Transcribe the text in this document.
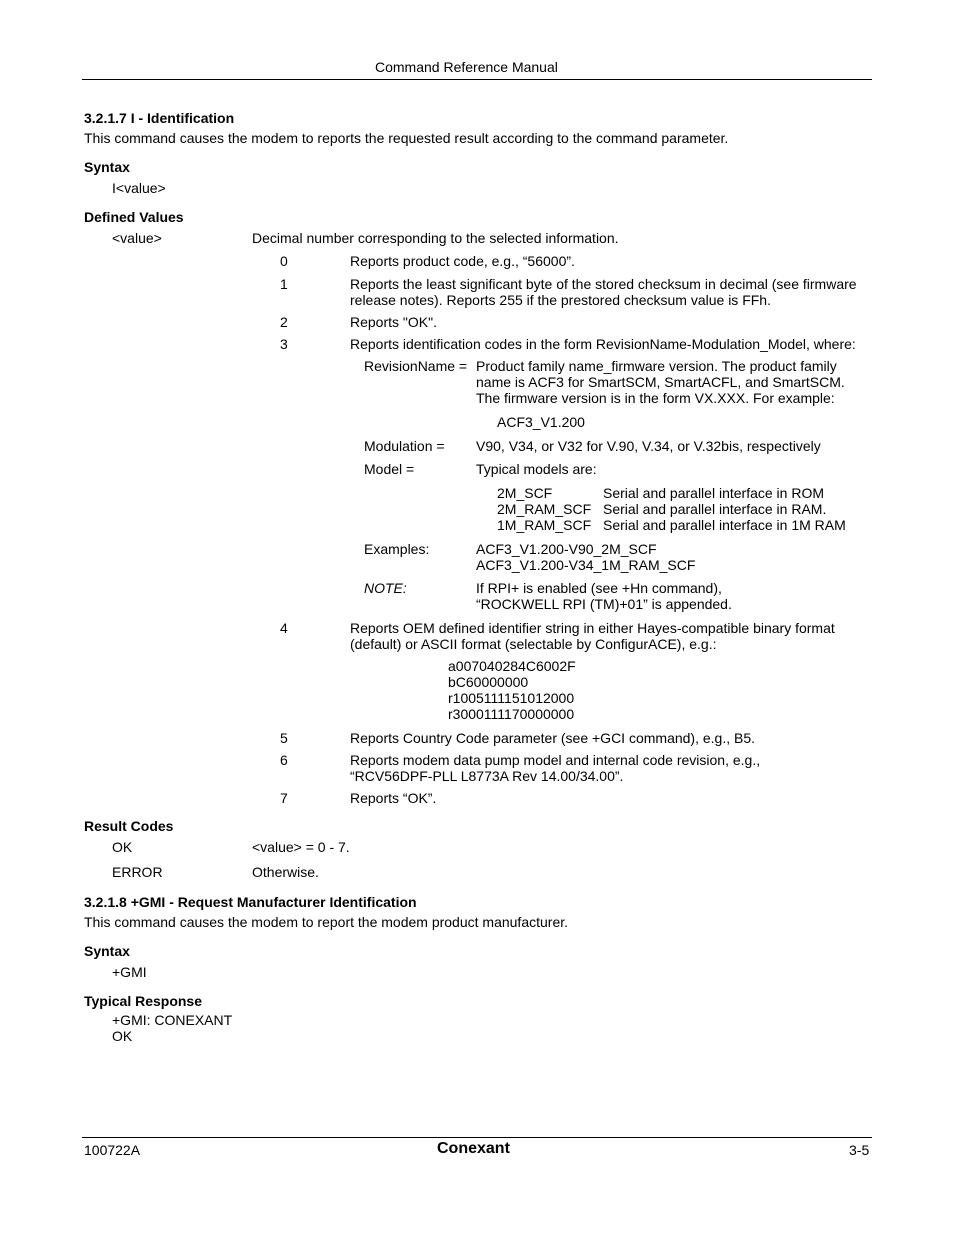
Command Reference Manual
3.2.1.7 I - Identification
This command causes the modem to reports the requested result according to the command parameter.
Syntax
I<value>
Defined Values
<value>	Decimal number corresponding to the selected information.
0	Reports product code, e.g., “56000”.
1	Reports the least significant byte of the stored checksum in decimal (see firmware
release notes). Reports 255 if the prestored checksum value is FFh.
2	Reports "OK".
3	Reports identification codes in the form RevisionName-Modulation_Model, where:
RevisionName = Product family name_firmware version. The product family
name is ACF3 for SmartSCM, SmartACFL, and SmartSCM.
The firmware version is in the form VX.XXX. For example:
ACF3_V1.200
Modulation = V90, V34, or V32 for V.90, V.34, or V.32bis, respectively
Model =	Typical models are:
2M_SCF	Serial and parallel interface in ROM
2M_RAM_SCF Serial and parallel interface in RAM.
1M_RAM_SCF Serial and parallel interface in 1M RAM
Examples:	ACF3_V1.200-V90_2M_SCF
ACF3_V1.200-V34_1M_RAM_SCF
NOTE:	If RPI+ is enabled (see +Hn command),
“ROCKWELL RPI (TM)+01” is appended.
4	Reports OEM defined identifier string in either Hayes-compatible binary format
(default) or ASCII format (selectable by ConfigurACE), e.g.:
a007040284C6002F
bC60000000
r1005111151012000
r3000111170000000
5	Reports Country Code parameter (see +GCI command), e.g., B5.
6	Reports modem data pump model and internal code revision, e.g.,
“RCV56DPF-PLL L8773A Rev 14.00/34.00”.
7	Reports “OK”.
Result Codes
OK	<value> = 0 - 7.
ERROR	Otherwise.
3.2.1.8 +GMI - Request Manufacturer Identification
This command causes the modem to report the modem product manufacturer.
Syntax
+GMI
Typical Response
+GMI: CONEXANT
OK
100722A	Conexant	3-5
